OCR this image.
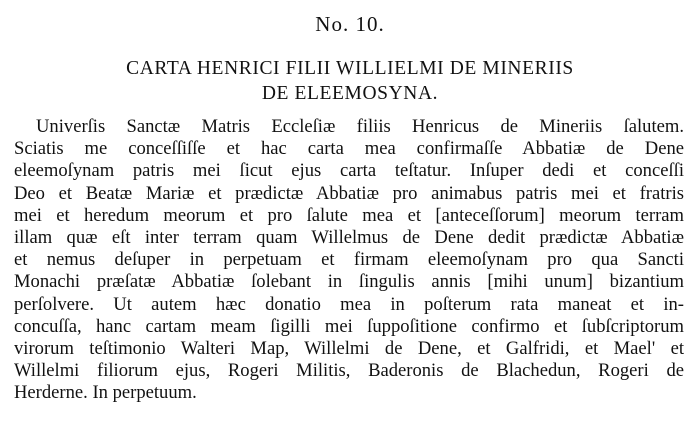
No. 10.
CARTA HENRICI FILII WILLIELMI DE MINERIIS
DE ELEEMOSYNA.
Univerſis Sanctæ Matris Eccleſiæ filiis Henricus de Mineriis ſalutem.
Sciatis me conceſſiſſe et hac carta mea confirmaſſe Abbatiæ de Dene
eleemoſynam patris mei ſicut ejus carta teſtatur. Inſuper dedi et conceſſi
Deo et Beatæ Mariæ et prædictæ Abbatiæ pro animabus patris mei et fratris
mei et heredum meorum et pro ſalute mea et [anteceſſorum] meorum terram
illam quæ eſt inter terram quam Willelmus de Dene dedit prædictæ Abbatiæ
et nemus deſuper in perpetuam et firmam eleemoſynam pro qua Sancti
Monachi præſatæ Abbatiæ ſolebant in ſingulis annis [mihi unum] bizantium
perſolvere. Ut autem hæc donatio mea in poſterum rata maneat et in-
concuſſa, hanc cartam meam ſigilli mei ſuppoſitione confirmo et ſubſcriptorum
virorum teſtimonio Walteri Map, Willelmi de Dene, et Galfridi, et Mael' et
Willelmi filiorum ejus, Rogeri Militis, Baderonis de Blachedun, Rogeri de
Herderne. In perpetuum.
